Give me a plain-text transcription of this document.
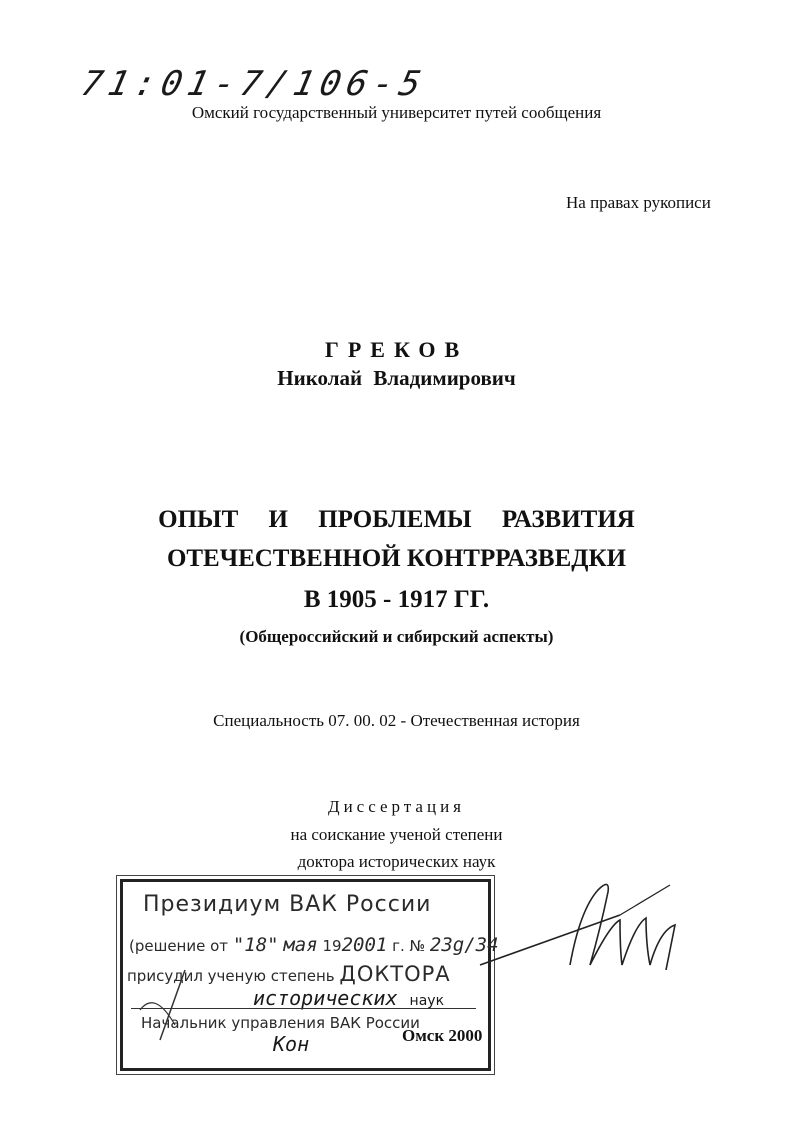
71:01-7/106-5
Омский государственный университет путей сообщения
На правах рукописи
ГРЕКОВ
Николай Владимирович
ОПЫТ И ПРОБЛЕМЫ РАЗВИТИЯ
ОТЕЧЕСТВЕННОЙ КОНТРРАЗВЕДКИ
В 1905 - 1917 ГГ.
(Общероссийский и сибирский аспекты)
Специальность 07. 00. 02 - Отечественная история
Диссертация
на соискание ученой степени
доктора исторических наук
Президиум ВАК России
(решение от "18" мая 192001 г. № 23g/34
присудил ученую степень ДОКТОРА
исторических наук
Начальник управления ВАК России
Кон	Омск 2000
